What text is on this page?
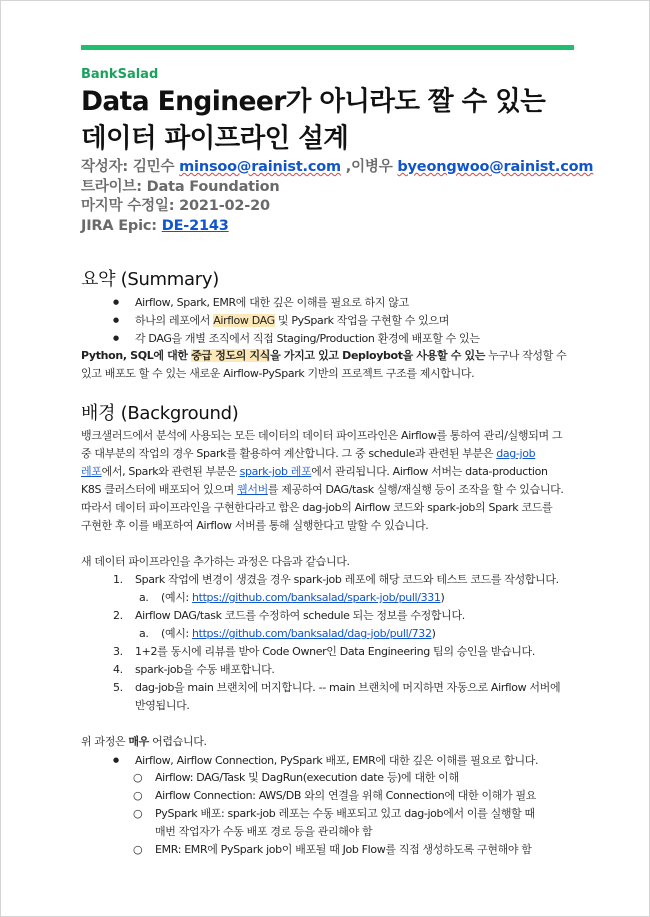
BankSalad
Data Engineer가 아니라도 짤 수 있는
데이터 파이프라인 설계
작성자: 김민수 minsoo@rainist.com ,이병우 byeongwoo@rainist.com
트라이브: Data Foundation
마지막 수정일: 2021-02-20
JIRA Epic: DE-2143
요약 (Summary)
● Airflow, Spark, EMR에 대한 깊은 이해를 필요로 하지 않고
● 하나의 레포에서 Airflow DAG 및 PySpark 작업을 구현할 수 있으며
● 각 DAG을 개별 조직에서 직접 Staging/Production 환경에 배포할 수 있는
Python, SQL에 대한 중급 정도의 지식을 가지고 있고 Deploybot을 사용할 수 있는 누구나 작성할 수
있고 배포도 할 수 있는 새로운 Airflow-PySpark 기반의 프로젝트 구조를 제시합니다.
배경 (Background)
뱅크샐러드에서 분석에 사용되는 모든 데이터의 데이터 파이프라인은 Airflow를 통하여 관리/실행되며 그
중 대부분의 작업의 경우 Spark를 활용하여 계산합니다. 그 중 schedule과 관련된 부분은 dag-job
레포에서, Spark와 관련된 부분은 spark-job 레포에서 관리됩니다. Airflow 서버는 data-production
K8S 클러스터에 배포되어 있으며 웹서버를 제공하여 DAG/task 실행/재실행 등이 조작을 할 수 있습니다.
따라서 데이터 파이프라인을 구현한다라고 함은 dag-job의 Airflow 코드와 spark-job의 Spark 코드를
구현한 후 이를 배포하여 Airflow 서버를 통해 실행한다고 말할 수 있습니다.
새 데이터 파이프라인을 추가하는 과정은 다음과 같습니다.
1. Spark 작업에 변경이 생겼을 경우 spark-job 레포에 해당 코드와 테스트 코드를 작성합니다.
a. (예시: https://github.com/banksalad/spark-job/pull/331)
2. Airflow DAG/task 코드를 수정하여 schedule 되는 정보를 수정합니다.
a. (예시: https://github.com/banksalad/dag-job/pull/732)
3. 1+2를 동시에 리뷰를 받아 Code Owner인 Data Engineering 팀의 승인을 받습니다.
4. spark-job을 수동 배포합니다.
5. dag-job을 main 브랜치에 머지합니다. -- main 브랜치에 머지하면 자동으로 Airflow 서버에
반영됩니다.
위 과정은 매우 어렵습니다.
● Airflow, Airflow Connection, PySpark 배포, EMR에 대한 깊은 이해를 필요로 합니다.
○ Airflow: DAG/Task 및 DagRun(execution date 등)에 대한 이해
○ Airflow Connection: AWS/DB 와의 연결을 위해 Connection에 대한 이해가 필요
○ PySpark 배포: spark-job 레포는 수동 배포되고 있고 dag-job에서 이를 실행할 때
매번 작업자가 수동 배포 경로 등을 관리해야 함
○ EMR: EMR에 PySpark job이 배포될 때 Job Flow를 직접 생성하도록 구현해야 함
